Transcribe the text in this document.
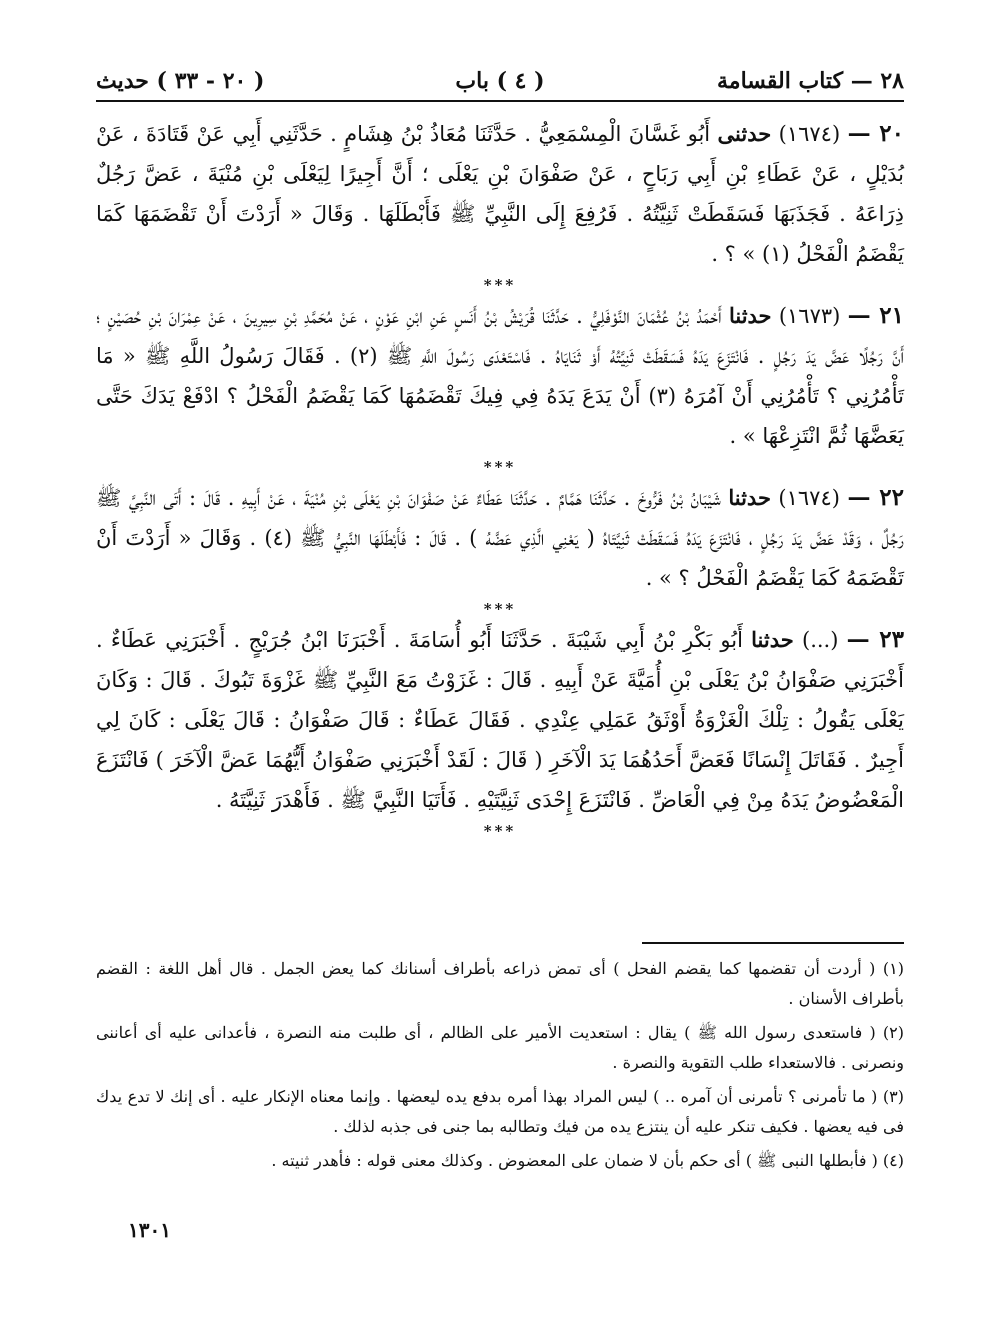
٢٨ — كتاب القسامة
( ٤ ) باب
( ٢٠ - ٣٣ ) حديث

٢٠ — (١٦٧٤) حدثنى أَبُو غَسَّانَ الْمِسْمَعِيُّ . حَدَّثَنَا مُعَاذُ بْنُ هِشَامٍ . حَدَّثَنِي أَبِي عَنْ قَتَادَةَ ، عَنْ بُدَيْلٍ ، عَنْ عَطَاءِ بْنِ أَبِي رَبَاحٍ ، عَنْ صَفْوَانَ بْنِ يَعْلَى ؛ أَنَّ أَجِيرًا لِيَعْلَى بْنِ مُنْيَةَ ، عَضَّ رَجُلٌ ذِرَاعَهُ . فَجَذَبَهَا فَسَقَطَتْ ثَنِيَّتُهُ . فَرُفِعَ إِلَى النَّبِيِّ ﷺ فَأَبْطَلَهَا . وَقَالَ « أَرَدْتَ أَنْ تَقْضَمَهَا كَمَا يَقْضَمُ الْفَحْلُ (١) » ؟ .

***

٢١ — (١٦٧٣) حدثنا أَحْمَدُ بْنُ عُثْمَانَ النَّوْفَلِيُّ . حَدَّثَنَا قُرَيْشُ بْنُ أَنَسٍ عَنِ ابْنِ عَوْنٍ ، عَنْ مُحَمَّدِ بْنِ سِيرِينَ ، عَنْ عِمْرَانَ بْنِ حُصَيْنٍ ؛ أَنَّ رَجُلًا عَضَّ يَدَ رَجُلٍ . فَانْتَزَعَ يَدَهُ فَسَقَطَتْ ثَنِيَّتُهُ أَوْ ثَنَايَاهُ . فَاسْتَعْدَى رَسُولَ اللَّهِ ﷺ (٢) . فَقَالَ رَسُولُ اللَّهِ ﷺ « مَا تَأْمُرُنِي ؟ تَأْمُرُنِي أَنْ آمُرَهُ (٣) أَنْ يَدَعَ يَدَهُ فِي فِيكَ تَقْضَمُهَا كَمَا يَقْضَمُ الْفَحْلُ ؟ ادْفَعْ يَدَكَ حَتَّى يَعَضَّهَا ثُمَّ انْتَزِعْهَا » .

***

٢٢ — (١٦٧٤) حدثنا شَيْبَانُ بْنُ فَرُّوخَ . حَدَّثَنَا هَمَّامٌ . حَدَّثَنَا عَطَاءٌ عَنْ صَفْوَانَ بْنِ يَعْلَى بْنِ مُنْيَةَ ، عَنْ أَبِيهِ . قَالَ : أَتَى النَّبِيَّ ﷺ رَجُلٌ ، وَقَدْ عَضَّ يَدَ رَجُلٍ ، فَانْتَزَعَ يَدَهُ فَسَقَطَتْ ثَنِيَّتَاهُ ( يَعْنِي الَّذِي عَضَّهُ ) . قَالَ : فَأَبْطَلَهَا النَّبِيُّ ﷺ (٤) . وَقَالَ « أَرَدْتَ أَنْ تَقْضَمَهُ كَمَا يَقْضَمُ الْفَحْلُ ؟ » .

***

٢٣ — (...) حدثنا أَبُو بَكْرِ بْنُ أَبِي شَيْبَةَ . حَدَّثَنَا أَبُو أُسَامَةَ . أَخْبَرَنَا ابْنُ جُرَيْجٍ . أَخْبَرَنِي عَطَاءٌ . أَخْبَرَنِي صَفْوَانُ بْنُ يَعْلَى بْنِ أُمَيَّةَ عَنْ أَبِيهِ . قَالَ : غَزَوْتُ مَعَ النَّبِيِّ ﷺ غَزْوَةَ تَبُوكَ . قَالَ : وَكَانَ يَعْلَى يَقُولُ : تِلْكَ الْغَزْوَةُ أَوْثَقُ عَمَلِي عِنْدِي . فَقَالَ عَطَاءٌ : قَالَ صَفْوَانُ : قَالَ يَعْلَى : كَانَ لِي أَجِيرٌ . فَقَاتَلَ إِنْسَانًا فَعَضَّ أَحَدُهُمَا يَدَ الْآخَرِ ( قَالَ : لَقَدْ أَخْبَرَنِي صَفْوَانُ أَيُّهُمَا عَضَّ الْآخَرَ ) فَانْتَزَعَ الْمَعْضُوضُ يَدَهُ مِنْ فِي الْعَاضِّ . فَانْتَزَعَ إِحْدَى ثَنِيَّتَيْهِ . فَأَتَيَا النَّبِيَّ ﷺ . فَأَهْدَرَ ثَنِيَّتَهُ .

***

(١) ( أردت أن تقضمها كما يقضم الفحل ) أى تمض ذراعه بأطراف أسنانك كما يعض الجمل . قال أهل اللغة : القضم بأطراف الأسنان .

(٢) ( فاستعدى رسول الله ﷺ ) يقال : استعديت الأمير على الظالم ، أى طلبت منه النصرة ، فأعدانى عليه أى أعاننى ونصرنى . فالاستعداء طلب التقوية والنصرة .

(٣) ( ما تأمرنى ؟ تأمرنى أن آمره .. ) ليس المراد بهذا أمره بدفع يده ليعضها . وإنما معناه الإنكار عليه . أى إنك لا تدع يدك فى فيه يعضها . فكيف تنكر عليه أن ينتزع يده من فيك وتطالبه بما جنى فى جذبه لذلك .

(٤) ( فأبطلها النبى ﷺ ) أى حكم بأن لا ضمان على المعضوض . وكذلك معنى قوله : فأهدر ثنيته .

١٣٠١
